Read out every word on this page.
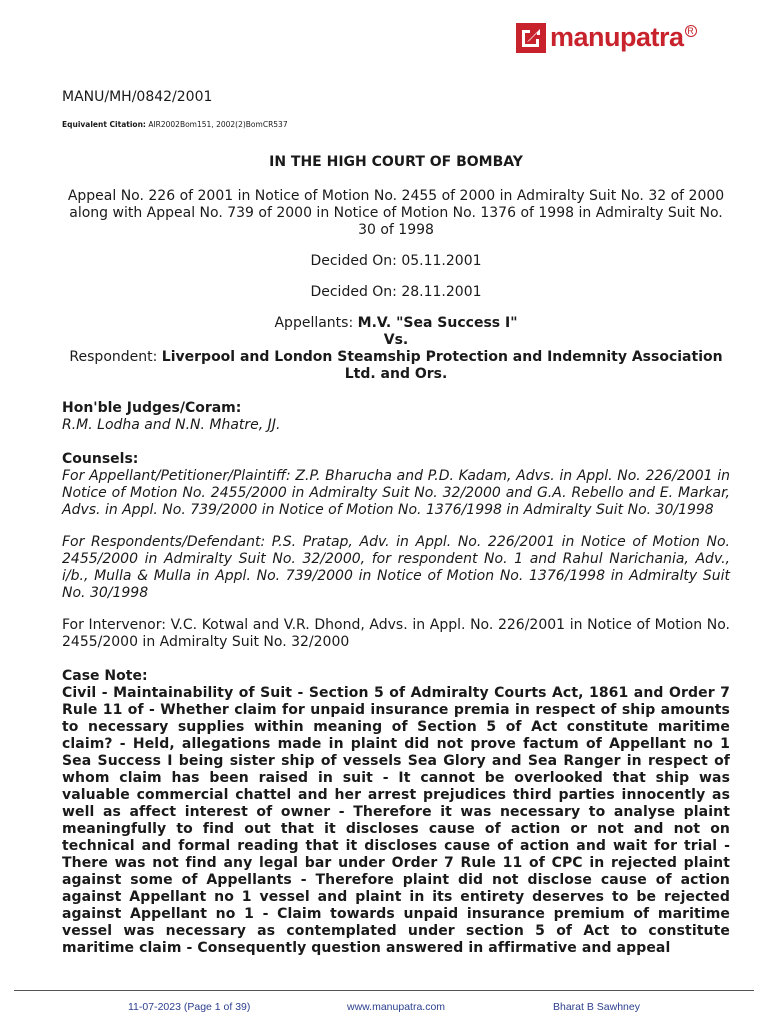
manupatra R
MANU/MH/0842/2001
Equivalent Citation: AIR2002Bom151, 2002(2)BomCR537
IN THE HIGH COURT OF BOMBAY
Appeal No. 226 of 2001 in Notice of Motion No. 2455 of 2000 in Admiralty Suit No. 32 of 2000 along with Appeal No. 739 of 2000 in Notice of Motion No. 1376 of 1998 in Admiralty Suit No. 30 of 1998
Decided On: 05.11.2001
Decided On: 28.11.2001
Appellants: M.V. "Sea Success I"
Vs.
Respondent: Liverpool and London Steamship Protection and Indemnity Association Ltd. and Ors.
Hon'ble Judges/Coram:
R.M. Lodha and N.N. Mhatre, JJ.
Counsels:
For Appellant/Petitioner/Plaintiff: Z.P. Bharucha and P.D. Kadam, Advs. in Appl. No. 226/2001 in Notice of Motion No. 2455/2000 in Admiralty Suit No. 32/2000 and G.A. Rebello and E. Markar, Advs. in Appl. No. 739/2000 in Notice of Motion No. 1376/1998 in Admiralty Suit No. 30/1998
For Respondents/Defendant: P.S. Pratap, Adv. in Appl. No. 226/2001 in Notice of Motion No. 2455/2000 in Admiralty Suit No. 32/2000, for respondent No. 1 and Rahul Narichania, Adv., i/b., Mulla & Mulla in Appl. No. 739/2000 in Notice of Motion No. 1376/1998 in Admiralty Suit No. 30/1998
For Intervenor: V.C. Kotwal and V.R. Dhond, Advs. in Appl. No. 226/2001 in Notice of Motion No. 2455/2000 in Admiralty Suit No. 32/2000
Case Note:
Civil - Maintainability of Suit - Section 5 of Admiralty Courts Act, 1861 and Order 7 Rule 11 of - Whether claim for unpaid insurance premia in respect of ship amounts to necessary supplies within meaning of Section 5 of Act constitute maritime claim? - Held, allegations made in plaint did not prove factum of Appellant no 1 Sea Success I being sister ship of vessels Sea Glory and Sea Ranger in respect of whom claim has been raised in suit - It cannot be overlooked that ship was valuable commercial chattel and her arrest prejudices third parties innocently as well as affect interest of owner - Therefore it was necessary to analyse plaint meaningfully to find out that it discloses cause of action or not and not on technical and formal reading that it discloses cause of action and wait for trial - There was not find any legal bar under Order 7 Rule 11 of CPC in rejected plaint against some of Appellants - Therefore plaint did not disclose cause of action against Appellant no 1 vessel and plaint in its entirety deserves to be rejected against Appellant no 1 - Claim towards unpaid insurance premium of maritime vessel was necessary as contemplated under section 5 of Act to constitute maritime claim - Consequently question answered in affirmative and appeal
11-07-2023 (Page 1 of 39)	www.manupatra.com	Bharat B Sawhney
